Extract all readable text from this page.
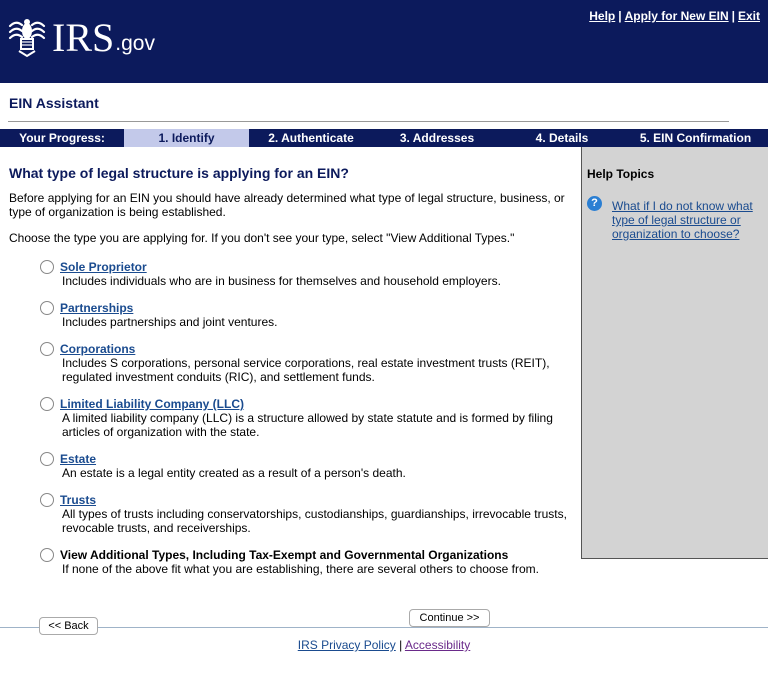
IRS .gov
Help | Apply for New EIN | Exit
EIN Assistant
Your Progress:	1. Identify	2. Authenticate	3. Addresses	4. Details	5. EIN Confirmation
Help Topics
?	What if I do not know what type of legal structure or organization to choose?
What type of legal structure is applying for an EIN?
Before applying for an EIN you should have already determined what type of legal structure, business, or type of organization is being established.
Choose the type you are applying for. If you don't see your type, select "View Additional Types."
Sole Proprietor
Includes individuals who are in business for themselves and household employers.
Partnerships
Includes partnerships and joint ventures.
Corporations
Includes S corporations, personal service corporations, real estate investment trusts (REIT), regulated investment conduits (RIC), and settlement funds.
Limited Liability Company (LLC)
A limited liability company (LLC) is a structure allowed by state statute and is formed by filing articles of organization with the state.
Estate
An estate is a legal entity created as a result of a person's death.
Trusts
All types of trusts including conservatorships, custodianships, guardianships, irrevocable trusts, revocable trusts, and receiverships.
View Additional Types, Including Tax-Exempt and Governmental Organizations
If none of the above fit what you are establishing, there are several others to choose from.
Continue >>
<< Back
IRS Privacy Policy | Accessibility
